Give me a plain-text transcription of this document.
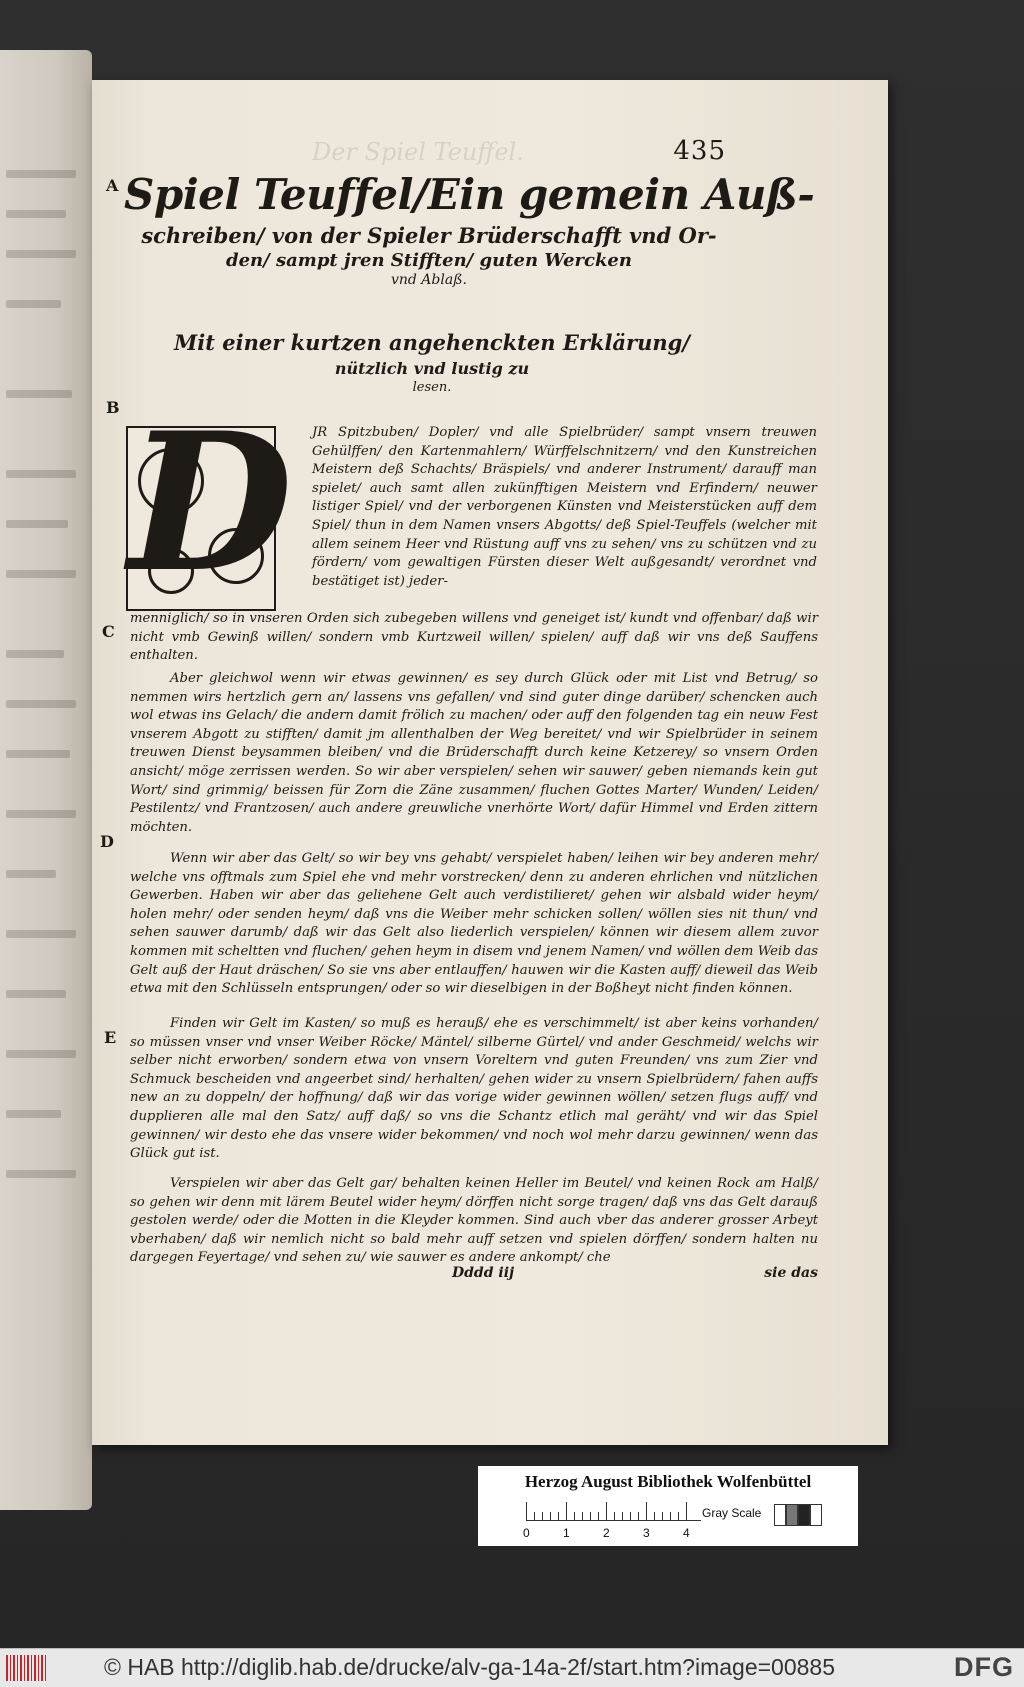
Der Spiel Teuffel.	435
A
B
C
D
E
Spiel Teuffel/Ein gemein Auß-
schreiben/ von der Spieler Brüderschafft vnd Or-
den/ sampt jren Stifften/ guten Wercken
vnd Ablaß.
Mit einer kurtzen angehenckten Erklärung/
nützlich vnd lustig zu
lesen.
D JR Spitzbuben/ Dopler/ vnd alle Spielbrüder/ sampt vnsern treuwen Gehülffen/ den Kartenmahlern/ Würffelschnitzern/ vnd den Kunstreichen Meistern deß Schachts/ Bräspiels/ vnd anderer Instrument/ darauff man spielet/ auch samt allen zukünfftigen Meistern vnd Erfindern/ neuwer listiger Spiel/ vnd der verborgenen Künsten vnd Meisterstücken auff dem Spiel/ thun in dem Namen vnsers Abgotts/ deß Spiel-Teuffels (welcher mit allem seinem Heer vnd Rüstung auff vns zu sehen/ vns zu schützen vnd zu fördern/ vom gewaltigen Fürsten dieser Welt außgesandt/ verordnet vnd bestätiget ist) jeder-
menniglich/ so in vnseren Orden sich zubegeben willens vnd geneiget ist/ kundt vnd offenbar/ daß wir nicht vmb Gewinß willen/ sondern vmb Kurtzweil willen/ spielen/ auff daß wir vns deß Sauffens enthalten.
Aber gleichwol wenn wir etwas gewinnen/ es sey durch Glück oder mit List vnd Betrug/ so nemmen wirs hertzlich gern an/ lassens vns gefallen/ vnd sind guter dinge darüber/ schencken auch wol etwas ins Gelach/ die andern damit frölich zu machen/ oder auff den folgenden tag ein neuw Fest vnserem Abgott zu stifften/ damit jm allenthalben der Weg bereitet/ vnd wir Spielbrüder in seinem treuwen Dienst beysammen bleiben/ vnd die Brüderschafft durch keine Ketzerey/ so vnsern Orden ansicht/ möge zerrissen werden. So wir aber verspielen/ sehen wir sauwer/ geben niemands kein gut Wort/ sind grimmig/ beissen für Zorn die Zäne zusammen/ fluchen Gottes Marter/ Wunden/ Leiden/ Pestilentz/ vnd Frantzosen/ auch andere greuwliche vnerhörte Wort/ dafür Himmel vnd Erden zittern möchten.
Wenn wir aber das Gelt/ so wir bey vns gehabt/ verspielet haben/ leihen wir bey anderen mehr/ welche vns offtmals zum Spiel ehe vnd mehr vorstrecken/ denn zu anderen ehrlichen vnd nützlichen Gewerben. Haben wir aber das geliehene Gelt auch verdistilieret/ gehen wir alsbald wider heym/ holen mehr/ oder senden heym/ daß vns die Weiber mehr schicken sollen/ wöllen sies nit thun/ vnd sehen sauwer darumb/ daß wir das Gelt also liederlich verspielen/ können wir diesem allem zuvor kommen mit scheltten vnd fluchen/ gehen heym in disem vnd jenem Namen/ vnd wöllen dem Weib das Gelt auß der Haut dräschen/ So sie vns aber entlauffen/ hauwen wir die Kasten auff/ dieweil das Weib etwa mit den Schlüsseln entsprungen/ oder so wir dieselbigen in der Boßheyt nicht finden können.
Finden wir Gelt im Kasten/ so muß es herauß/ ehe es verschimmelt/ ist aber keins vorhanden/ so müssen vnser vnd vnser Weiber Röcke/ Mäntel/ silberne Gürtel/ vnd ander Geschmeid/ welchs wir selber nicht erworben/ sondern etwa von vnsern Voreltern vnd guten Freunden/ vns zum Zier vnd Schmuck bescheiden vnd angeerbet sind/ herhalten/ gehen wider zu vnsern Spielbrüdern/ fahen auffs new an zu doppeln/ der hoffnung/ daß wir das vorige wider gewinnen wöllen/ setzen flugs auff/ vnd dupplieren alle mal den Satz/ auff daß/ so vns die Schantz etlich mal geräht/ vnd wir das Spiel gewinnen/ wir desto ehe das vnsere wider bekommen/ vnd noch wol mehr darzu gewinnen/ wenn das Glück gut ist.
Verspielen wir aber das Gelt gar/ behalten keinen Heller im Beutel/ vnd keinen Rock am Halß/ so gehen wir denn mit lärem Beutel wider heym/ dörffen nicht sorge tragen/ daß vns das Gelt darauß gestolen werde/ oder die Motten in die Kleyder kommen. Sind auch vber das anderer grosser Arbeyt vberhaben/ daß wir nemlich nicht so bald mehr auff setzen vnd spielen dörffen/ sondern halten nu dargegen Feyertage/ vnd sehen zu/ wie sauwer es andere ankompt/ che
Dddd iij	sie das
Herzog August Bibliothek Wolfenbüttel
0	1	2	3	4
Gray Scale
© HAB http://diglib.hab.de/drucke/alv-ga-14a-2f/start.htm?image=00885	DFG
